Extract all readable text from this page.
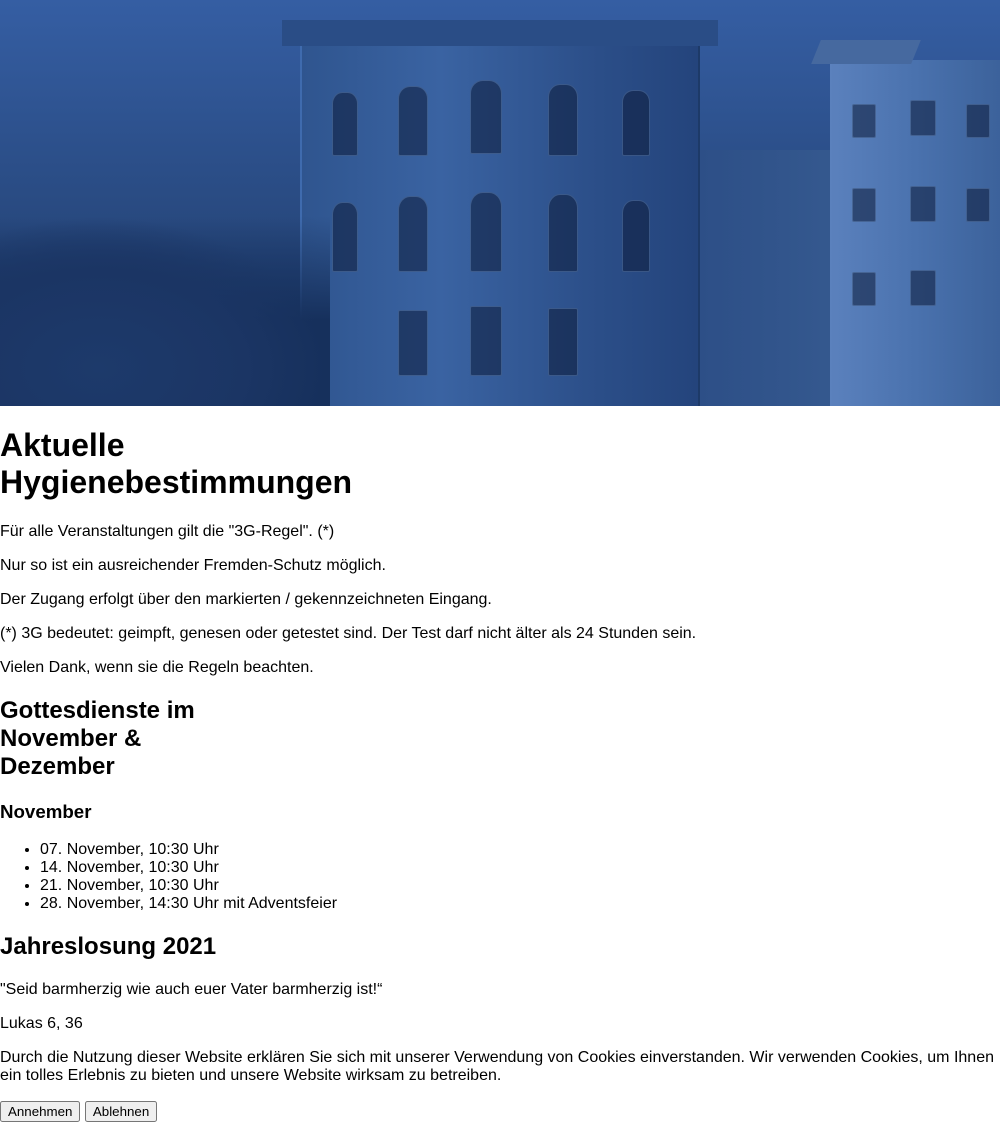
Aktuelle
Hygienebestimmungen

Für alle Veranstaltungen gilt die "3G-Regel". (*)

Nur so ist ein ausreichender Fremden-Schutz möglich.

Der Zugang erfolgt über den markierten / gekennzeichneten Eingang.

(*) 3G bedeutet: geimpft, genesen oder getestet sind. Der Test darf nicht älter als 24 Stunden sein.

Vielen Dank, wenn sie die Regeln beachten.

Gottesdienste im
November &
Dezember
November
• 07. November, 10:30 Uhr
• 14. November, 10:30 Uhr
• 21. November, 10:30 Uhr
• 28. November, 14:30 Uhr mit Adventsfeier
Jahreslosung 2021

"Seid barmherzig wie auch euer Vater barmherzig ist!“

Lukas 6, 36

Durch die Nutzung dieser Website erklären Sie sich mit unserer Verwendung von Cookies einverstanden. Wir verwenden Cookies, um Ihnen ein tolles Erlebnis zu bieten und unsere Website wirksam zu betreiben.

Annehmen Ablehnen
